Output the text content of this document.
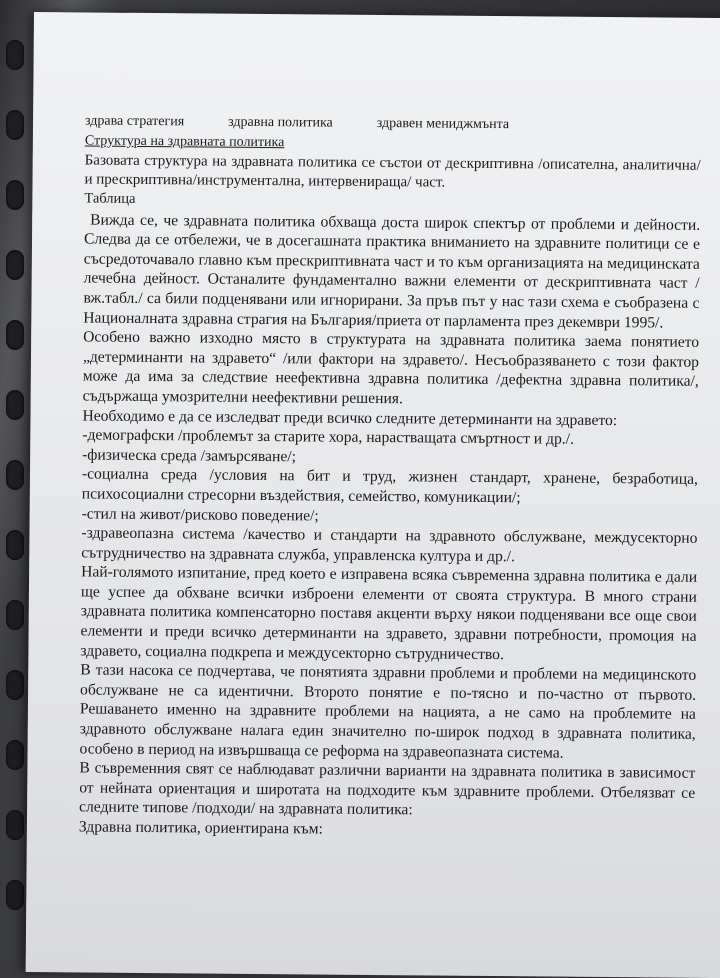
здрава стратегия	здравна политика	здравен мениджмънта
Структура на здравната политика

Базовата структура на здравната политика се състои от дескриптивна /описателна, аналитична/ и прескриптивна/инструментална, интервенираща/ част.

Таблица

Вижда се, че здравната политика обхваща доста широк спектър от проблеми и дейности. Следва да се отбележи, че в досегашната практика вниманието на здравните политици се е съсредоточавало главно към прескриптивната част и то към организацията на медицинската лечебна дейност. Останалите фундаментално важни елементи от дескриптивната част /вж.табл./ са били подценявани или игнорирани. За пръв път у нас тази схема е съобразена с Националната здравна страгия на България/приета от парламента през декември 1995/.

Особено важно изходно място в структурата на здравната политика заема понятието „детерминанти на здравето“ /или фактори на здравето/. Несъобразяването с този фактор може да има за следствие неефективна здравна политика /дефектна здравна политика/, съдържаща умозрителни неефективни решения.

Необходимо е да се изследват преди всичко следните детерминанти на здравето:

-демографски /проблемът за старите хора, нарастващата смъртност и др./.

-физическа среда /замърсяване/;

-социална среда /условия на бит и труд, жизнен стандарт, хранене, безработица, психосоциални стресорни въздействия, семейство, комуникации/;

-стил на живот/рисково поведение/;

-здравеопазна система /качество и стандарти на здравното обслужване, междусекторно сътрудничество на здравната служба, управленска култура и др./.

Най-голямото изпитание, пред което е изправена всяка съвременна здравна политика е дали ще успее да обхване всички изброени елементи от своята структура. В много страни здравната политика компенсаторно поставя акценти върху някои подценявани все още свои елементи и преди всичко детерминанти на здравето, здравни потребности, промоция на здравето, социална подкрепа и междусекторно сътрудничество.

В тази насока се подчертава, че понятията здравни проблеми и проблеми на медицинското обслужване не са идентични. Второто понятие е по-тясно и по-частно от първото. Решаването именно на здравните проблеми на нацията, а не само на проблемите на здравното обслужване налага един значително по-широк подход в здравната политика, особено в период на извършваща се реформа на здравеопазната система.

В съвременния свят се наблюдават различни варианти на здравната политика в зависимост от нейната ориентация и широтата на подходите към здравните проблеми. Отбелязват се следните типове /подходи/ на здравната политика:

Здравна политика, ориентирана към:
